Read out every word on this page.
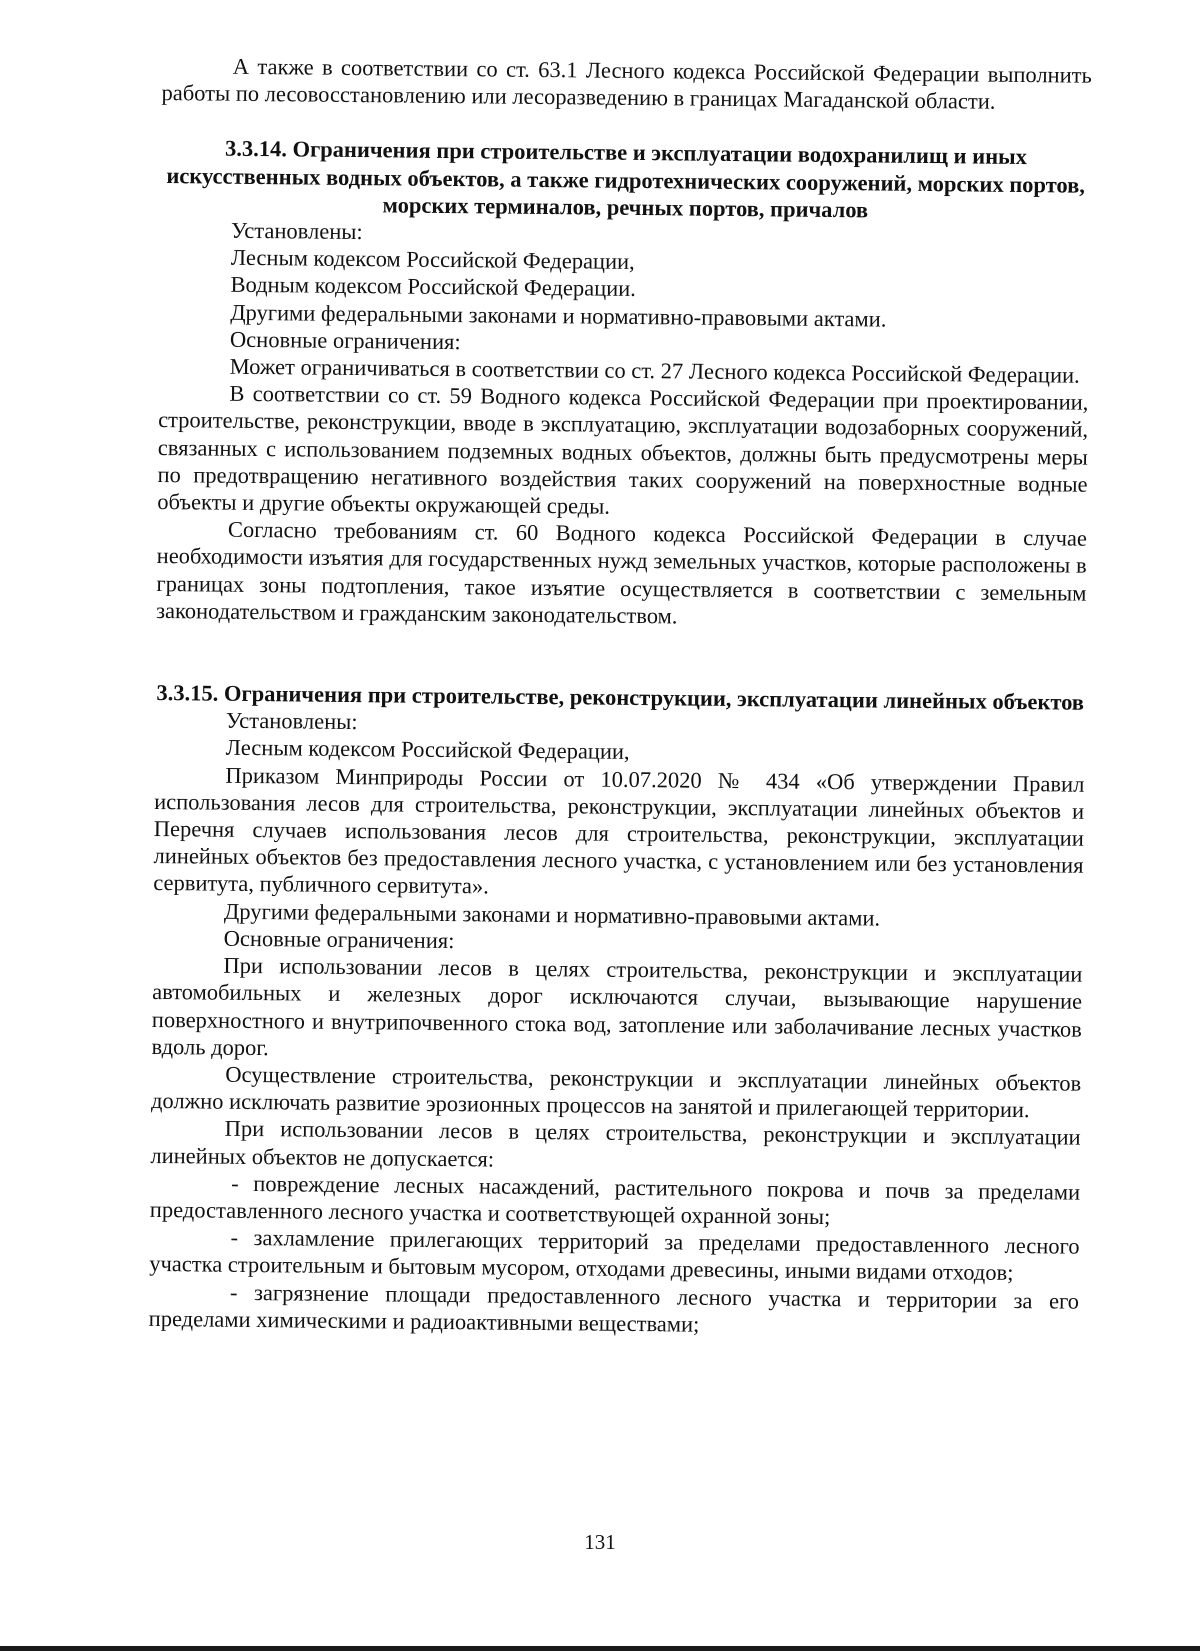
А также в соответствии со ст. 63.1 Лесного кодекса Российской Федерации выполнить работы по лесовосстановлению или лесоразведению в границах Магаданской области.

3.3.14. Ограничения при строительстве и эксплуатации водохранилищ и иных искусственных водных объектов, а также гидротехнических сооружений, морских портов, морских терминалов, речных портов, причалов

Установлены:

Лесным кодексом Российской Федерации,

Водным кодексом Российской Федерации.

Другими федеральными законами и нормативно-правовыми актами.

Основные ограничения:

Может ограничиваться в соответствии со ст. 27 Лесного кодекса Российской Федерации.

В соответствии со ст. 59 Водного кодекса Российской Федерации при проектировании, строительстве, реконструкции, вводе в эксплуатацию, эксплуатации водозаборных сооружений, связанных с использованием подземных водных объектов, должны быть предусмотрены меры по предотвращению негативного воздействия таких сооружений на поверхностные водные объекты и другие объекты окружающей среды.

Согласно требованиям ст. 60 Водного кодекса Российской Федерации в случае необходимости изъятия для государственных нужд земельных участков, которые расположены в границах зоны подтопления, такое изъятие осуществляется в соответствии с земельным законодательством и гражданским законодательством.

3.3.15. Ограничения при строительстве, реконструкции, эксплуатации линейных объектов

Установлены:

Лесным кодексом Российской Федерации,

Приказом Минприроды России от 10.07.2020 № 434 «Об утверждении Правил использования лесов для строительства, реконструкции, эксплуатации линейных объектов и Перечня случаев использования лесов для строительства, реконструкции, эксплуатации линейных объектов без предоставления лесного участка, с установлением или без установления сервитута, публичного сервитута».

Другими федеральными законами и нормативно-правовыми актами.

Основные ограничения:

При использовании лесов в целях строительства, реконструкции и эксплуатации автомобильных и железных дорог исключаются случаи, вызывающие нарушение поверхностного и внутрипочвенного стока вод, затопление или заболачивание лесных участков вдоль дорог.

Осуществление строительства, реконструкции и эксплуатации линейных объектов должно исключать развитие эрозионных процессов на занятой и прилегающей территории.

При использовании лесов в целях строительства, реконструкции и эксплуатации линейных объектов не допускается:

- повреждение лесных насаждений, растительного покрова и почв за пределами предоставленного лесного участка и соответствующей охранной зоны;

- захламление прилегающих территорий за пределами предоставленного лесного участка строительным и бытовым мусором, отходами древесины, иными видами отходов;

- загрязнение площади предоставленного лесного участка и территории за его пределами химическими и радиоактивными веществами;

131
